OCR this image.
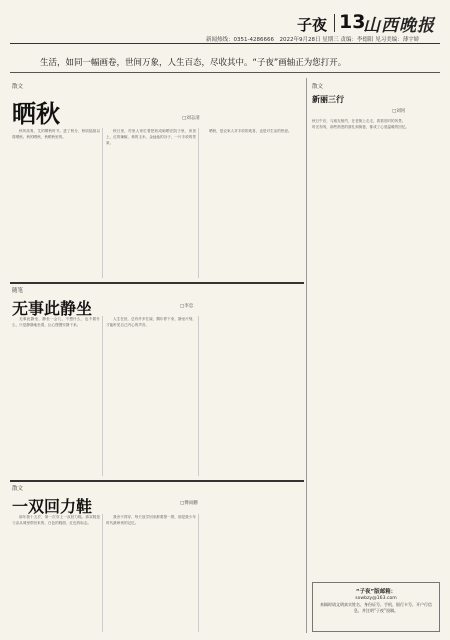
子夜 13
山西晚报
新闻热线：0351-4286666　2022年9月28日 星期三 责编：李德阳 见习美编：薄宇娇
生活，如同一幅画卷，世间万象，人生百态，尽收其中。“子夜”画轴正为您打开。
散文
晒秋	□刘志清

秋风高爽，艾的柳秋时节。进了秋分，秋收陆续以将晒秋。秋的晒秋，秋晒秋里的。

秋日里，村里人家忙着把收成晾晒在院子里、房顶上，红的辣椒，黄的玉米，金灿灿的谷子，一片丰收的景象。

晒秋，是农家人对丰收的欢喜，也是对生活的热爱。

随笔
无事此静坐	□李忠

无事此静坐，静坐一会儿，不想什么，也不做什么，只是静静地坐着，让心慢慢安静下来。

人生在世，总有许多忙碌，偶尔停下来，静坐片刻，才能听见自己内心的声音。

散文
一双回力鞋	□傅雨鹏

那年我十五岁，第一次穿上一双回力鞋。那双鞋是父亲从城里带回来的，白色的鞋面，红色的标志。

我舍不得穿，每天放学回来都要擦一擦，那是我少年时代最珍贵的记忆。

散文
新丽三行
□刘河

秋日午后，与朋友相约，在老街上走走，看看旧时的风景。

时光匆匆，那些熟悉的面孔和街巷，都成了心底温暖的回忆。

“子夜”版邮箱：
sxwbzy@163.com
来稿时请文明真实姓名、身份证号、手机、银行卡号、开户行信息，并注明“子夜”投稿。
